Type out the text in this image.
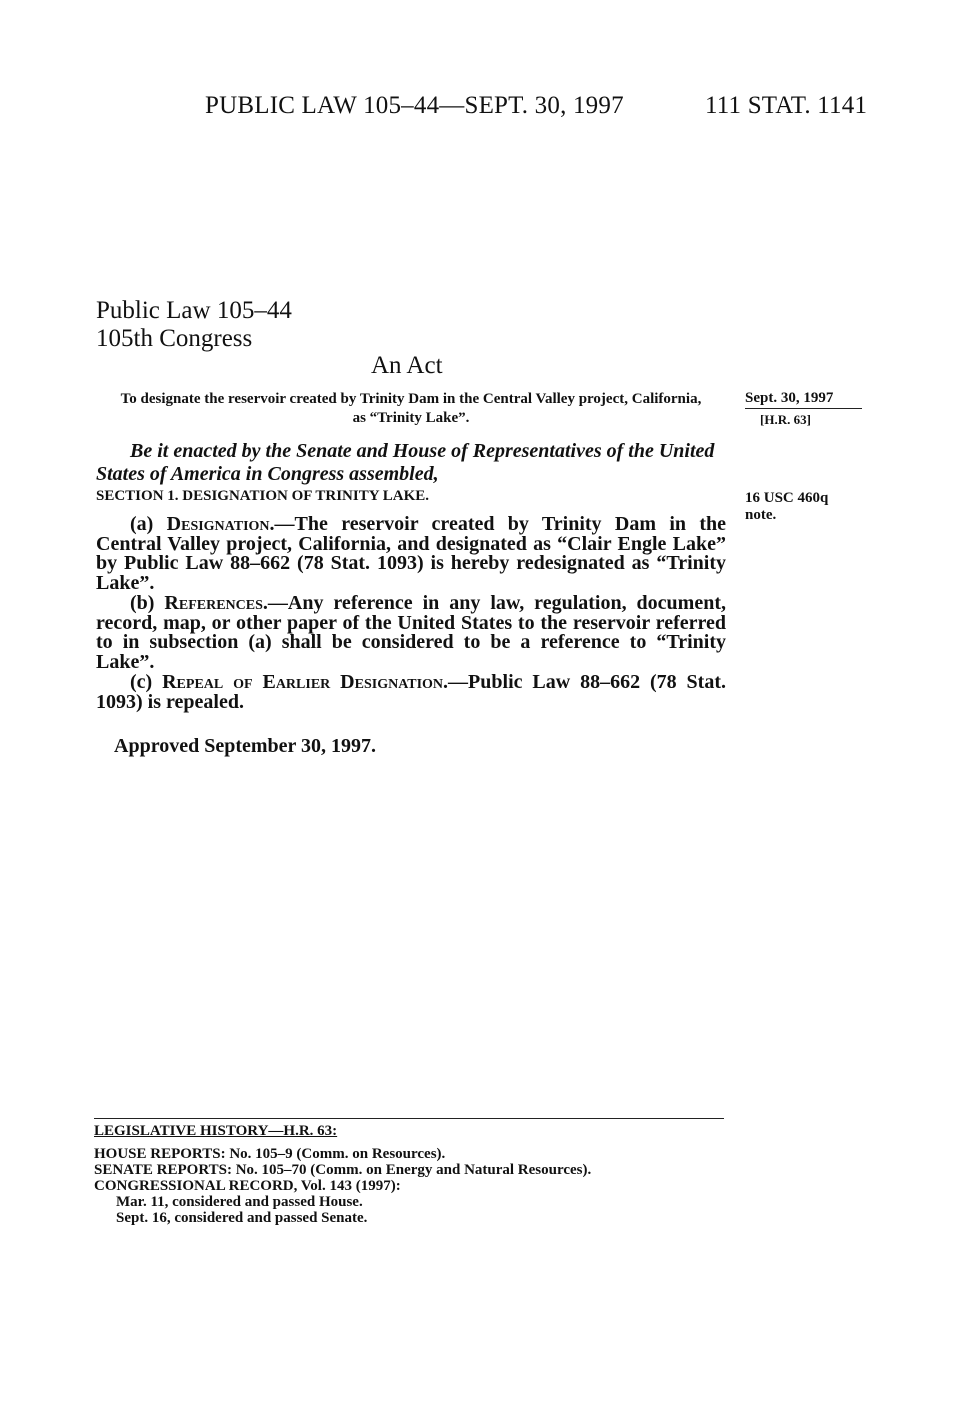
PUBLIC LAW 105–44—SEPT. 30, 1997	111 STAT. 1141
Public Law 105–44
105th Congress
An Act
To designate the reservoir created by Trinity Dam in the Central Valley project, California, as “Trinity Lake”.
Sept. 30, 1997
[H.R. 63]
Be it enacted by the Senate and House of Representatives of the United States of America in Congress assembled,
SECTION 1. DESIGNATION OF TRINITY LAKE.	16 USC 460q note.
(a) Designation.—The reservoir created by Trinity Dam in the Central Valley project, California, and designated as “Clair Engle Lake” by Public Law 88–662 (78 Stat. 1093) is hereby redesignated as “Trinity Lake”.
(b) References.—Any reference in any law, regulation, document, record, map, or other paper of the United States to the reservoir referred to in subsection (a) shall be considered to be a reference to “Trinity Lake”.
(c) Repeal of Earlier Designation.—Public Law 88–662 (78 Stat. 1093) is repealed.
Approved September 30, 1997.
LEGISLATIVE HISTORY—H.R. 63:
HOUSE REPORTS: No. 105–9 (Comm. on Resources).
SENATE REPORTS: No. 105–70 (Comm. on Energy and Natural Resources).
CONGRESSIONAL RECORD, Vol. 143 (1997):
Mar. 11, considered and passed House.
Sept. 16, considered and passed Senate.
